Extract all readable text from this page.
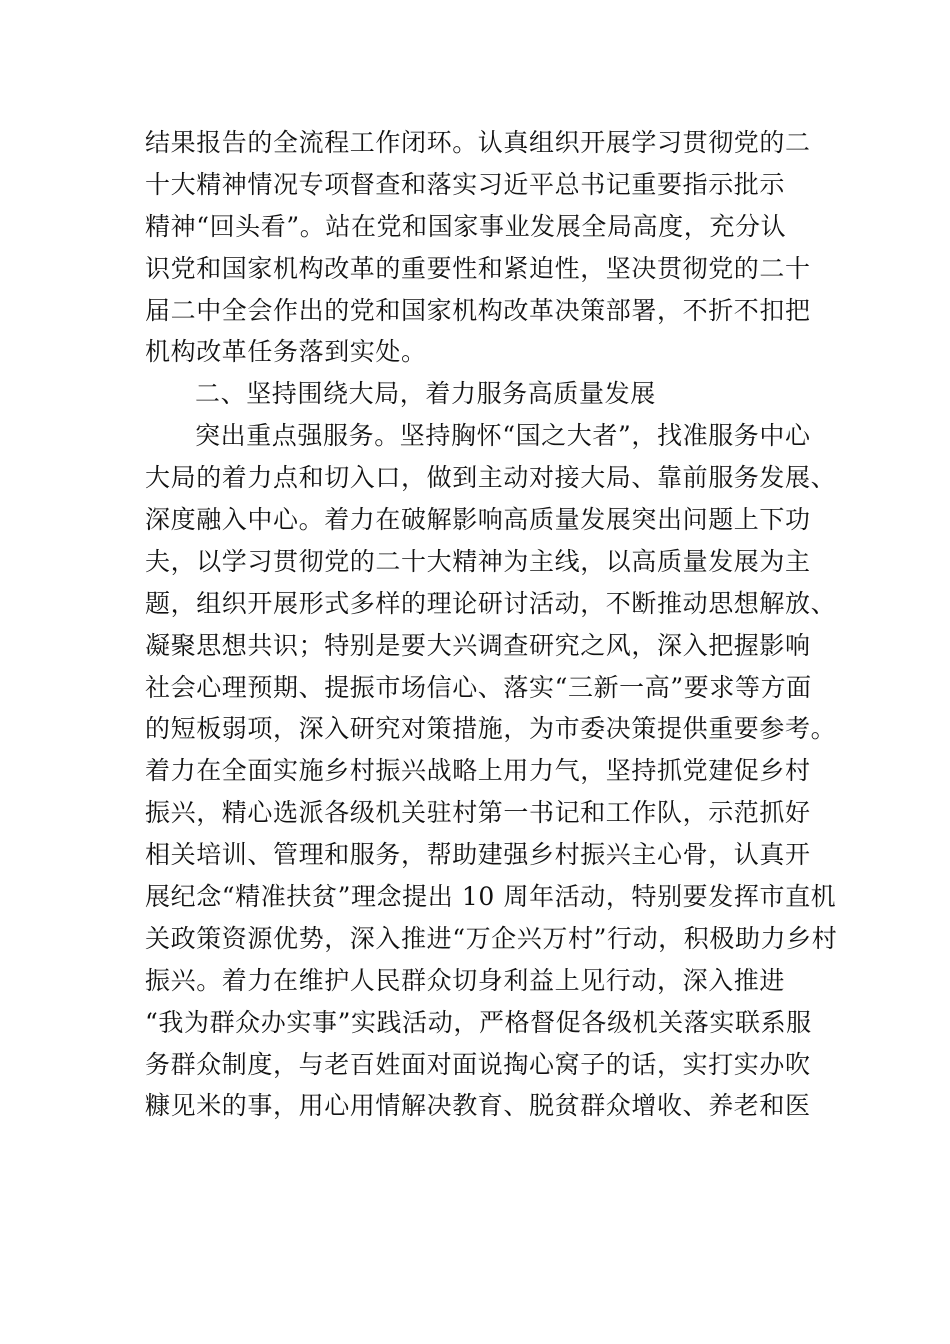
结果报告的全流程工作闭环。认真组织开展学习贯彻党的二
十大精神情况专项督查和落实习近平总书记重要指示批示
精神“回头看”。站在党和国家事业发展全局高度，充分认
识党和国家机构改革的重要性和紧迫性，坚决贯彻党的二十
届二中全会作出的党和国家机构改革决策部署，不折不扣把
机构改革任务落到实处。
二、坚持围绕大局，着力服务高质量发展
突出重点强服务。坚持胸怀“国之大者”，找准服务中心
大局的着力点和切入口，做到主动对接大局、靠前服务发展、
深度融入中心。着力在破解影响高质量发展突出问题上下功
夫，以学习贯彻党的二十大精神为主线，以高质量发展为主
题，组织开展形式多样的理论研讨活动，不断推动思想解放、
凝聚思想共识；特别是要大兴调查研究之风，深入把握影响
社会心理预期、提振市场信心、落实“三新一高”要求等方面
的短板弱项，深入研究对策措施，为市委决策提供重要参考。
着力在全面实施乡村振兴战略上用力气，坚持抓党建促乡村
振兴，精心选派各级机关驻村第一书记和工作队，示范抓好
相关培训、管理和服务，帮助建强乡村振兴主心骨，认真开
展纪念“精准扶贫”理念提出 10 周年活动，特别要发挥市直机
关政策资源优势，深入推进“万企兴万村”行动，积极助力乡村
振兴。着力在维护人民群众切身利益上见行动，深入推进
“我为群众办实事”实践活动，严格督促各级机关落实联系服
务群众制度，与老百姓面对面说掏心窝子的话，实打实办吹
糠见米的事，用心用情解决教育、脱贫群众增收、养老和医
